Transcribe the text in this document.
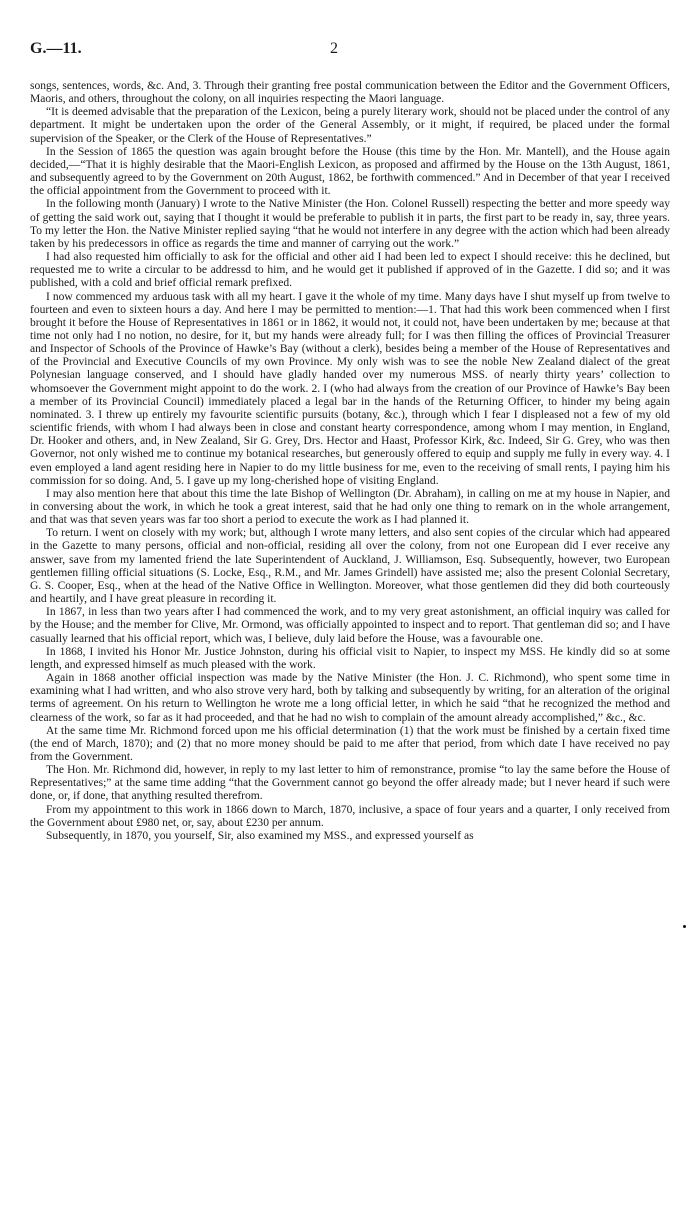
G.—11.	2

songs, sentences, words, &c. And, 3. Through their granting free postal communication between the Editor and the Government Officers, Maoris, and others, throughout the colony, on all inquiries respecting the Maori language.

“It is deemed advisable that the preparation of the Lexicon, being a purely literary work, should not be placed under the control of any department. It might be undertaken upon the order of the General Assembly, or it might, if required, be placed under the formal supervision of the Speaker, or the Clerk of the House of Representatives.”

In the Session of 1865 the question was again brought before the House (this time by the Hon. Mr. Mantell), and the House again decided,—“That it is highly desirable that the Maori-English Lexicon, as proposed and affirmed by the House on the 13th August, 1861, and subsequently agreed to by the Government on 20th August, 1862, be forthwith commenced.” And in December of that year I received the official appointment from the Government to proceed with it.

In the following month (January) I wrote to the Native Minister (the Hon. Colonel Russell) respecting the better and more speedy way of getting the said work out, saying that I thought it would be preferable to publish it in parts, the first part to be ready in, say, three years. To my letter the Hon. the Native Minister replied saying “that he would not interfere in any degree with the action which had been already taken by his predecessors in office as regards the time and manner of carrying out the work.”

I had also requested him officially to ask for the official and other aid I had been led to expect I should receive: this he declined, but requested me to write a circular to be addressd to him, and he would get it published if approved of in the Gazette. I did so; and it was published, with a cold and brief official remark prefixed.

I now commenced my arduous task with all my heart. I gave it the whole of my time. Many days have I shut myself up from twelve to fourteen and even to sixteen hours a day. And here I may be permitted to mention:—1. That had this work been commenced when I first brought it before the House of Representatives in 1861 or in 1862, it would not, it could not, have been undertaken by me; because at that time not only had I no notion, no desire, for it, but my hands were already full; for I was then filling the offices of Provincial Treasurer and Inspector of Schools of the Province of Hawke’s Bay (without a clerk), besides being a member of the House of Representatives and of the Provincial and Executive Councils of my own Province. My only wish was to see the noble New Zealand dialect of the great Polynesian language conserved, and I should have gladly handed over my numerous MSS. of nearly thirty years’ collection to whomsoever the Government might appoint to do the work. 2. I (who had always from the creation of our Province of Hawke’s Bay been a member of its Provincial Council) immediately placed a legal bar in the hands of the Returning Officer, to hinder my being again nominated. 3. I threw up entirely my favourite scientific pursuits (botany, &c.), through which I fear I displeased not a few of my old scientific friends, with whom I had always been in close and constant hearty correspondence, among whom I may mention, in England, Dr. Hooker and others, and, in New Zealand, Sir G. Grey, Drs. Hector and Haast, Professor Kirk, &c. Indeed, Sir G. Grey, who was then Governor, not only wished me to continue my botanical researches, but generously offered to equip and supply me fully in every way. 4. I even employed a land agent residing here in Napier to do my little business for me, even to the receiving of small rents, I paying him his commission for so doing. And, 5. I gave up my long-cherished hope of visiting England.

I may also mention here that about this time the late Bishop of Wellington (Dr. Abraham), in calling on me at my house in Napier, and in conversing about the work, in which he took a great interest, said that he had only one thing to remark on in the whole arrangement, and that was that seven years was far too short a period to execute the work as I had planned it.

To return. I went on closely with my work; but, although I wrote many letters, and also sent copies of the circular which had appeared in the Gazette to many persons, official and non-official, residing all over the colony, from not one European did I ever receive any answer, save from my lamented friend the late Superintendent of Auckland, J. Williamson, Esq. Subsequently, however, two European gentlemen filling official situations (S. Locke, Esq., R.M., and Mr. James Grindell) have assisted me; also the present Colonial Secretary, G. S. Cooper, Esq., when at the head of the Native Office in Wellington. Moreover, what those gentlemen did they did both courteously and heartily, and I have great pleasure in recording it.

In 1867, in less than two years after I had commenced the work, and to my very great astonishment, an official inquiry was called for by the House; and the member for Clive, Mr. Ormond, was officially appointed to inspect and to report. That gentleman did so; and I have casually learned that his official report, which was, I believe, duly laid before the House, was a favourable one.

In 1868, I invited his Honor Mr. Justice Johnston, during his official visit to Napier, to inspect my MSS. He kindly did so at some length, and expressed himself as much pleased with the work.

Again in 1868 another official inspection was made by the Native Minister (the Hon. J. C. Richmond), who spent some time in examining what I had written, and who also strove very hard, both by talking and subsequently by writing, for an alteration of the original terms of agreement. On his return to Wellington he wrote me a long official letter, in which he said “that he recognized the method and clearness of the work, so far as it had proceeded, and that he had no wish to complain of the amount already accomplished,” &c., &c.

At the same time Mr. Richmond forced upon me his official determination (1) that the work must be finished by a certain fixed time (the end of March, 1870); and (2) that no more money should be paid to me after that period, from which date I have received no pay from the Government.

The Hon. Mr. Richmond did, however, in reply to my last letter to him of remonstrance, promise “to lay the same before the House of Representatives;” at the same time adding “that the Government cannot go beyond the offer already made; but I never heard if such were done, or, if done, that anything resulted therefrom.

From my appointment to this work in 1866 down to March, 1870, inclusive, a space of four years and a quarter, I only received from the Government about £980 net, or, say, about £230 per annum.

Subsequently, in 1870, you yourself, Sir, also examined my MSS., and expressed yourself as
